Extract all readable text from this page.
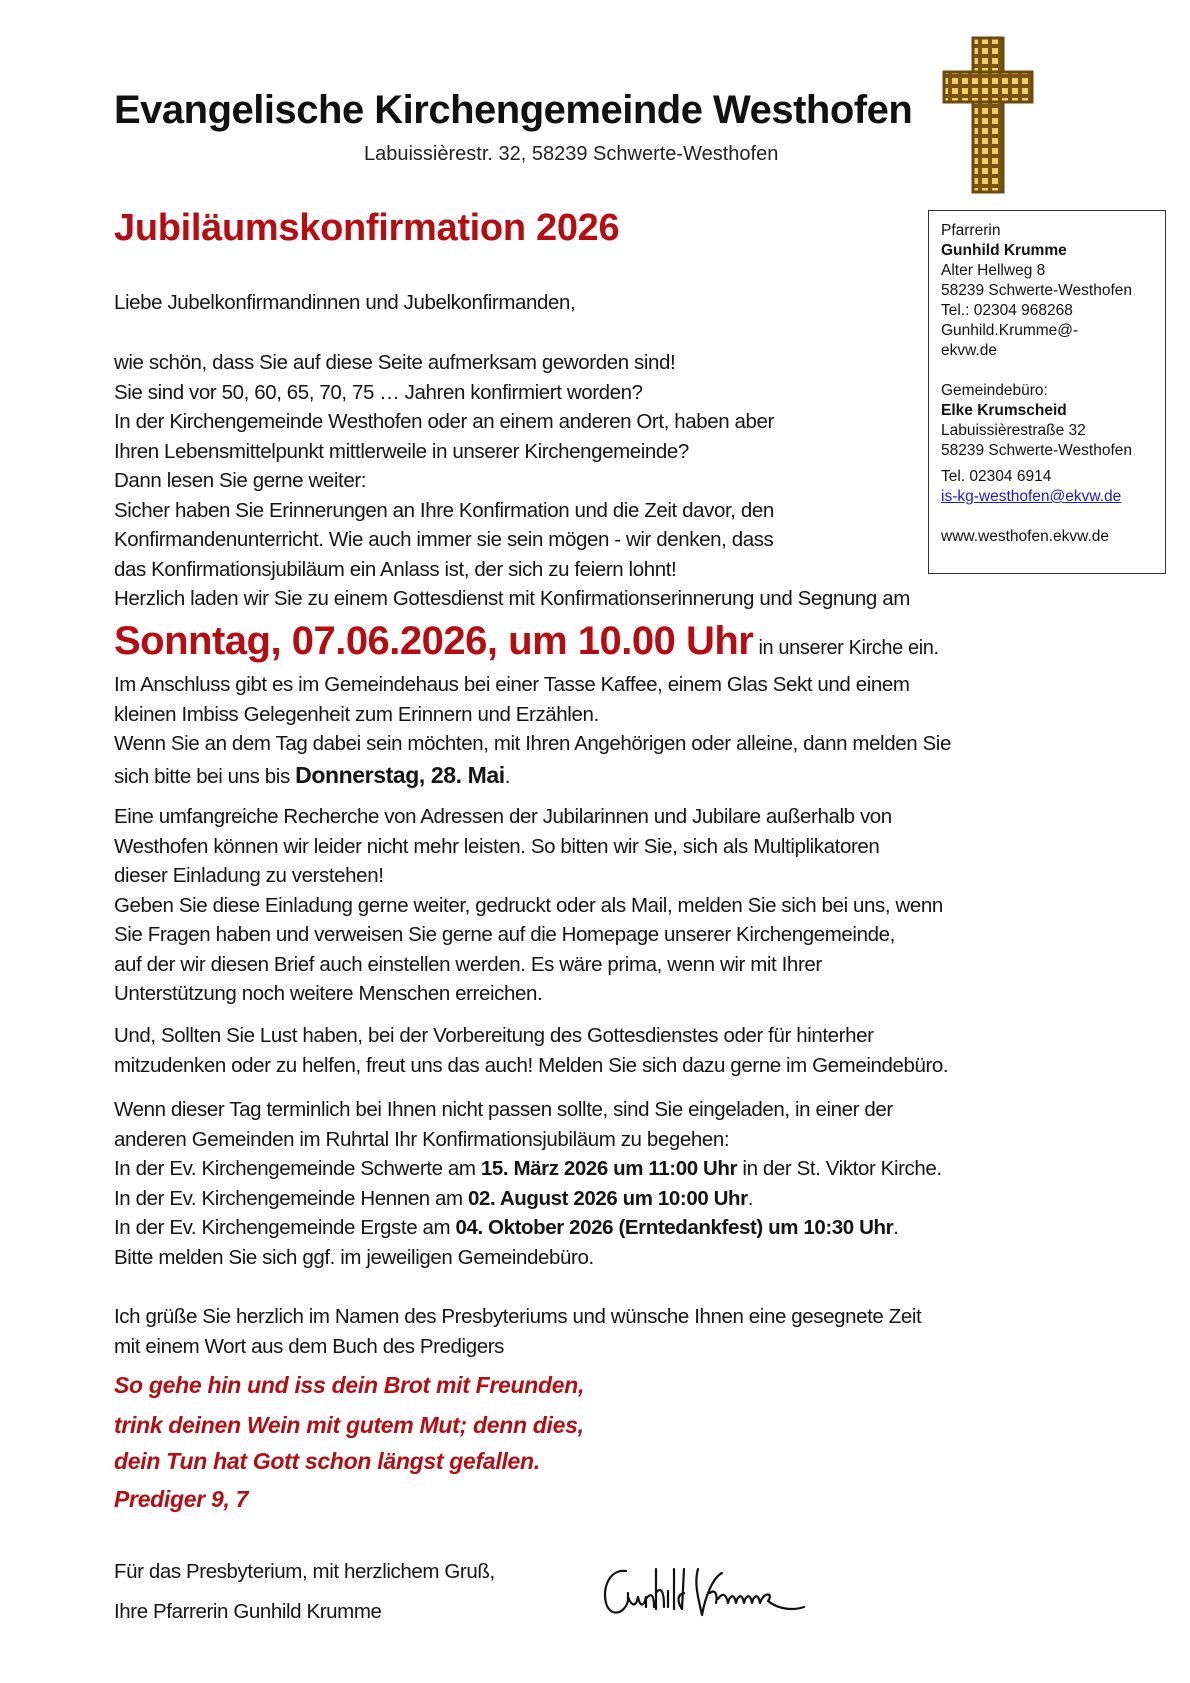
Evangelische Kirchengemeinde Westhofen
Labuissièrestr. 32, 58239 Schwerte-Westhofen
Jubiläumskonfirmation 2026	Pfarrerin
Gunhild Krumme
Alter Hellweg 8
58239 Schwerte-Westhofen
Tel.: 02304 968268
Gunhild.Krumme@-
ekvw.de
Gemeindebüro:
Elke Krumscheid
Labuissièrestraße 32
58239 Schwerte-Westhofen
Tel. 02304 6914
is-kg-westhofen@ekvw.de
www.westhofen.ekvw.de
Liebe Jubelkonfirmandinnen und Jubelkonfirmanden,
wie schön, dass Sie auf diese Seite aufmerksam geworden sind!
Sie sind vor 50, 60, 65, 70, 75 … Jahren konfirmiert worden?
In der Kirchengemeinde Westhofen oder an einem anderen Ort, haben aber
Ihren Lebensmittelpunkt mittlerweile in unserer Kirchengemeinde?
Dann lesen Sie gerne weiter:
Sicher haben Sie Erinnerungen an Ihre Konfirmation und die Zeit davor, den
Konfirmandenunterricht. Wie auch immer sie sein mögen - wir denken, dass
das Konfirmationsjubiläum ein Anlass ist, der sich zu feiern lohnt!
Herzlich laden wir Sie zu einem Gottesdienst mit Konfirmationserinnerung und Segnung am
Sonntag, 07.06.2026, um 10.00 Uhr in unserer Kirche ein.
Im Anschluss gibt es im Gemeindehaus bei einer Tasse Kaffee, einem Glas Sekt und einem
kleinen Imbiss Gelegenheit zum Erinnern und Erzählen.
Wenn Sie an dem Tag dabei sein möchten, mit Ihren Angehörigen oder alleine, dann melden Sie
sich bitte bei uns bis Donnerstag, 28. Mai.
Eine umfangreiche Recherche von Adressen der Jubilarinnen und Jubilare außerhalb von
Westhofen können wir leider nicht mehr leisten. So bitten wir Sie, sich als Multiplikatoren
dieser Einladung zu verstehen!
Geben Sie diese Einladung gerne weiter, gedruckt oder als Mail, melden Sie sich bei uns, wenn
Sie Fragen haben und verweisen Sie gerne auf die Homepage unserer Kirchengemeinde,
auf der wir diesen Brief auch einstellen werden. Es wäre prima, wenn wir mit Ihrer
Unterstützung noch weitere Menschen erreichen.
Und, Sollten Sie Lust haben, bei der Vorbereitung des Gottesdienstes oder für hinterher
mitzudenken oder zu helfen, freut uns das auch! Melden Sie sich dazu gerne im Gemeindebüro.
Wenn dieser Tag terminlich bei Ihnen nicht passen sollte, sind Sie eingeladen, in einer der
anderen Gemeinden im Ruhrtal Ihr Konfirmationsjubiläum zu begehen:
In der Ev. Kirchengemeinde Schwerte am 15. März 2026 um 11:00 Uhr in der St. Viktor Kirche.
In der Ev. Kirchengemeinde Hennen am 02. August 2026 um 10:00 Uhr.
In der Ev. Kirchengemeinde Ergste am 04. Oktober 2026 (Erntedankfest) um 10:30 Uhr.
Bitte melden Sie sich ggf. im jeweiligen Gemeindebüro.
Ich grüße Sie herzlich im Namen des Presbyteriums und wünsche Ihnen eine gesegnete Zeit
mit einem Wort aus dem Buch des Predigers
So gehe hin und iss dein Brot mit Freunden,
trink deinen Wein mit gutem Mut; denn dies,
dein Tun hat Gott schon längst gefallen.
Prediger 9, 7
Für das Presbyterium, mit herzlichem Gruß,
Ihre Pfarrerin Gunhild Krumme
